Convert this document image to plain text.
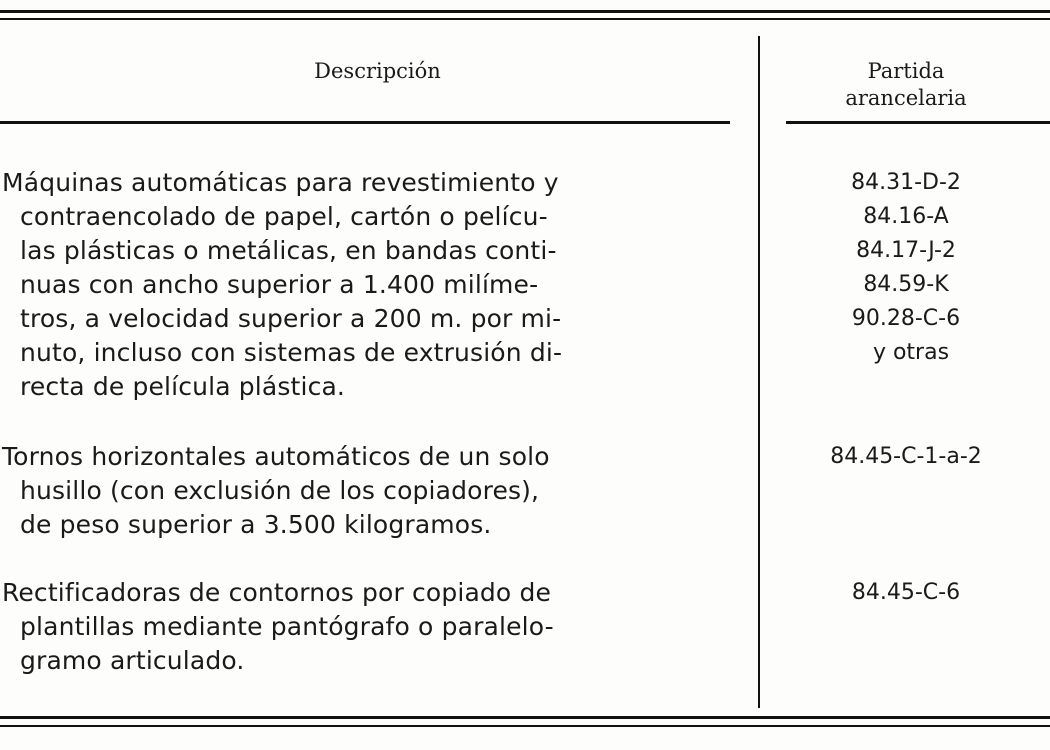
Descripción	Partida
arancelaria
Máquinas automáticas para revestimiento y
contraencolado de papel, cartón o pelícu-
las plásticas o metálicas, en bandas conti-
nuas con ancho superior a 1.400 milíme-
tros, a velocidad superior a 200 m. por mi-
nuto, incluso con sistemas de extrusión di-
recta de película plástica.
84.31-D-2
84.16-A
84.17-J-2
84.59-K
90.28-C-6
y otras
Tornos horizontales automáticos de un solo
husillo (con exclusión de los copiadores),
de peso superior a 3.500 kilogramos.
84.45-C-1-a-2
Rectificadoras de contornos por copiado de
plantillas mediante pantógrafo o paralelo-
gramo articulado.
84.45-C-6
